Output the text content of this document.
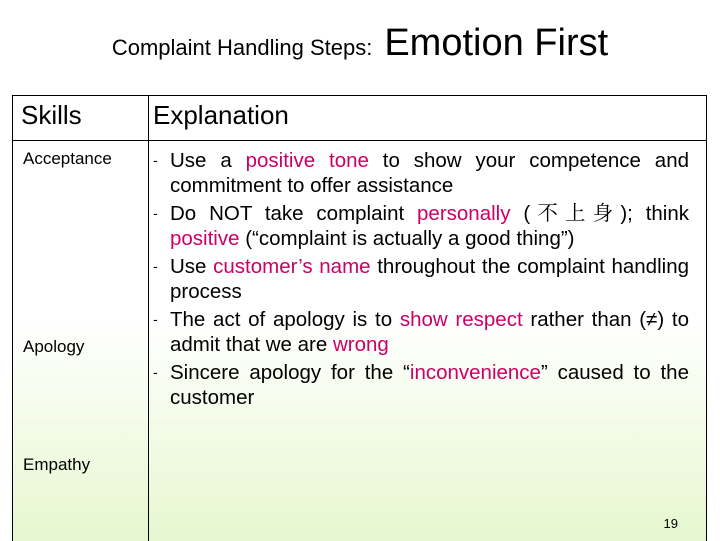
Complaint Handling Steps: Emotion First
Skills	Explanation
Acceptance
Apology
Empathy
- Use a positive tone to show your competence and commitment to offer assistance
- Do NOT take complaint personally (不上身); think positive (“complaint is actually a good thing”)
- Use customer’s name throughout the complaint handling process
- The act of apology is to show respect rather than (≠) to admit that we are wrong
- Sincere apology for the “inconvenience” caused to the customer
19
